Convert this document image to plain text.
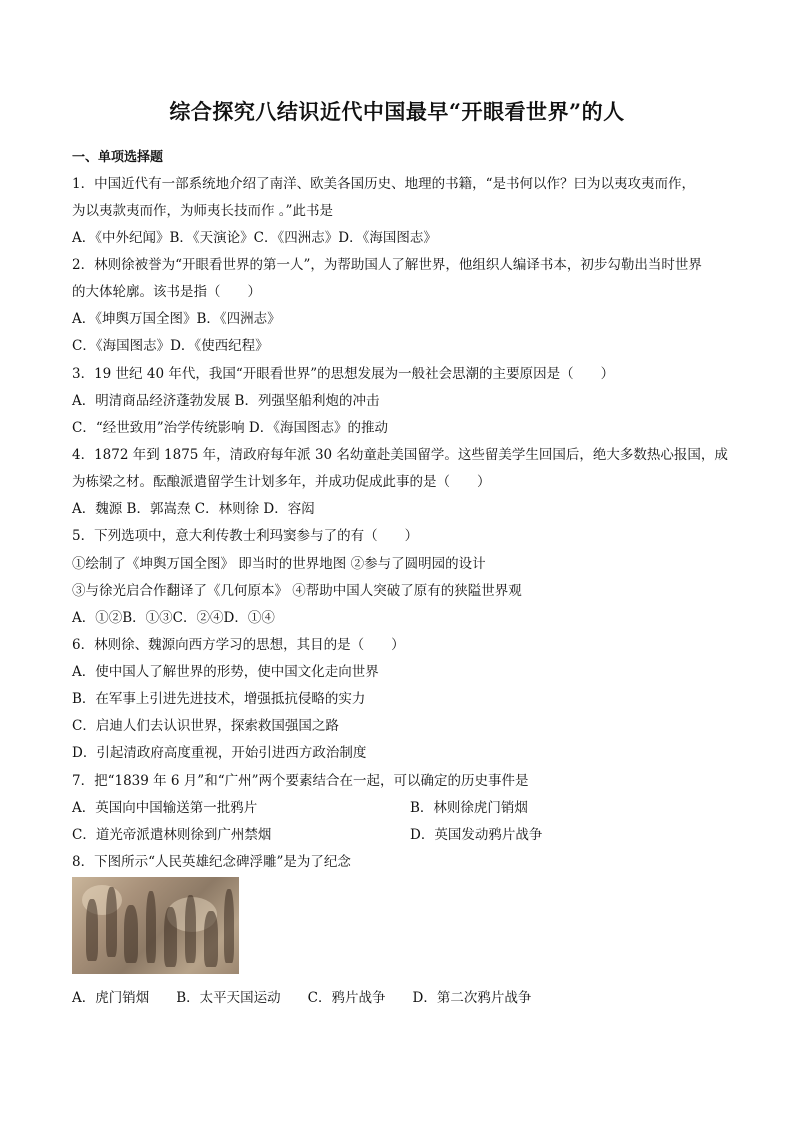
综合探究八结识近代中国最早“开眼看世界”的人
一、单项选择题
1．中国近代有一部系统地介绍了南洋、欧美各国历史、地理的书籍，“是书何以作？曰为以夷攻夷而作，
为以夷款夷而作，为师夷长技而作 。”此书是
A．《中外纪闻》B．《天演论》C．《四洲志》D．《海国图志》
2．林则徐被誉为“开眼看世界的第一人”，为帮助国人了解世界，他组织人编译书本，初步勾勒出当时世界
的大体轮廓。该书是指（　　）
A．《坤舆万国全图》B．《四洲志》
C．《海国图志》D．《使西纪程》
3．19 世纪 40 年代，我国“开眼看世界”的思想发展为一般社会思潮的主要原因是（　　）
A．明清商品经济蓬勃发展 B．列强坚船利炮的冲击
C．“经世致用”治学传统影响 D．《海国图志》的推动
4．1872 年到 1875 年，清政府每年派 30 名幼童赴美国留学。这些留美学生回国后，绝大多数热心报国，成
为栋梁之材。酝酿派遣留学生计划多年，并成功促成此事的是（　　）
A．魏源 B．郭嵩焘 C．林则徐 D．容闳
5．下列选项中，意大利传教士利玛窦参与了的有（　　）
①绘制了《坤舆万国全图》 即当时的世界地图 ②参与了圆明园的设计
③与徐光启合作翻译了《几何原本》 ④帮助中国人突破了原有的狭隘世界观
A．①②B．①③C．②④D．①④
6．林则徐、魏源向西方学习的思想，其目的是（　　）
A．使中国人了解世界的形势，使中国文化走向世界
B．在军事上引进先进技术，增强抵抗侵略的实力
C．启迪人们去认识世界，探索救国强国之路
D．引起清政府高度重视，开始引进西方政治制度
7．把“1839 年 6 月”和“广州”两个要素结合在一起，可以确定的历史事件是
A．英国向中国输送第一批鸦片	B．林则徐虎门销烟
C．道光帝派遣林则徐到广州禁烟	D．英国发动鸦片战争
8．下图所示“人民英雄纪念碑浮雕”是为了纪念
A．虎门销烟　　B．太平天国运动　　C．鸦片战争　　D．第二次鸦片战争
